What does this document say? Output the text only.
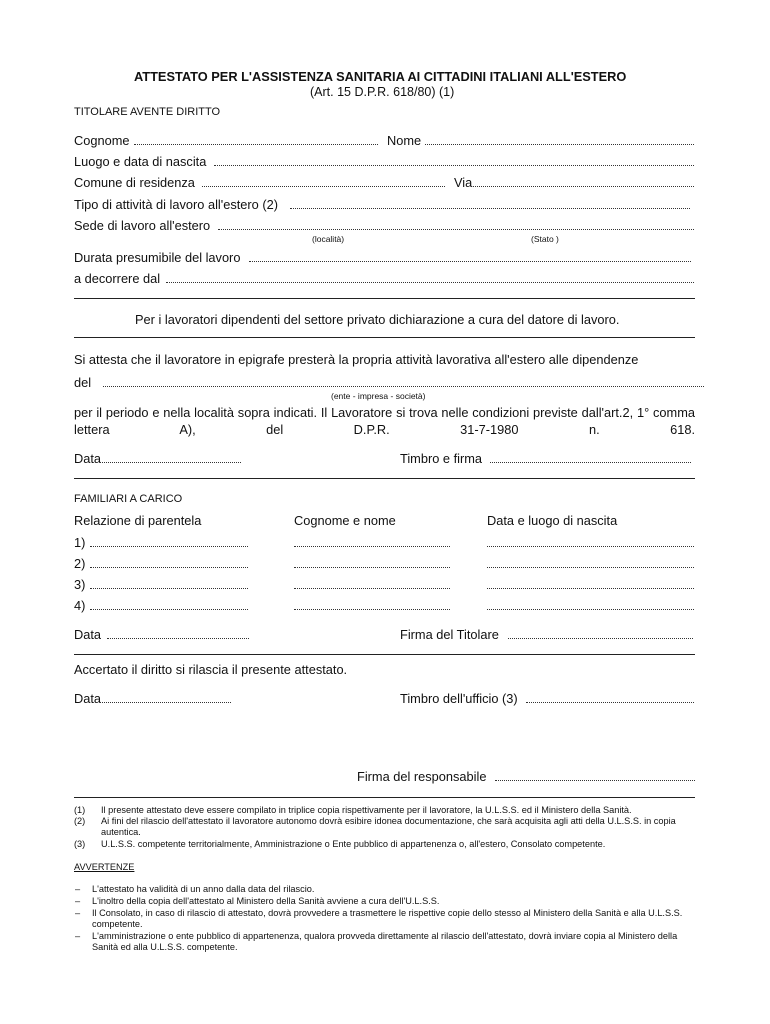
ATTESTATO PER L'ASSISTENZA SANITARIA AI CITTADINI ITALIANI ALL'ESTERO
(Art. 15 D.P.R. 618/80) (1)
TITOLARE AVENTE DIRITTO
Cognome	Nome
Luogo e data di nascita
Comune di residenza	Via
Tipo di attività di lavoro all'estero (2)
Sede di lavoro all'estero
(località)	(Stato )
Durata presumibile del lavoro
a decorrere dal
Per i lavoratori dipendenti del settore privato dichiarazione a cura del datore di lavoro.
Si attesta che il lavoratore in epigrafe presterà la propria attività lavorativa all'estero alle dipendenze
del
(ente - impresa - società)
per il periodo e nella località sopra indicati. Il Lavoratore si trova nelle condizioni previste dall'art.2, 1° comma lettera A), del D.P.R. 31-7-1980 n. 618.
Data	Timbro e firma
FAMILIARI A CARICO
Relazione di parentela	Cognome e nome	Data e luogo di nascita
1)
2)
3)
4)
Data	Firma del Titolare
Accertato il diritto si rilascia il presente attestato.
Data	Timbro dell'ufficio (3)
Firma del responsabile
(1) Il presente attestato deve essere compilato in triplice copia rispettivamente per il lavoratore, la U.L.S.S. ed il Ministero della Sanità.
(2) Ai fini del rilascio dell'attestato il lavoratore autonomo dovrà esibire idonea documentazione, che sarà acquisita agli atti della U.L.S.S. in copia autentica.
(3) U.L.S.S. competente territorialmente, Amministrazione o Ente pubblico di appartenenza o, all'estero, Consolato competente.
AVVERTENZE
– L'attestato ha validità di un anno dalla data del rilascio.
– L'inoltro della copia dell'attestato al Ministero della Sanità avviene a cura dell'U.L.S.S.
– Il Consolato, in caso di rilascio di attestato, dovrà provvedere a trasmettere le rispettive copie dello stesso al Ministero della Sanità e alla U.L.S.S. competente.
– L'amministrazione o ente pubblico di appartenenza, qualora provveda direttamente al rilascio dell'attestato, dovrà inviare copia al Ministero della Sanità ed alla U.L.S.S. competente.
